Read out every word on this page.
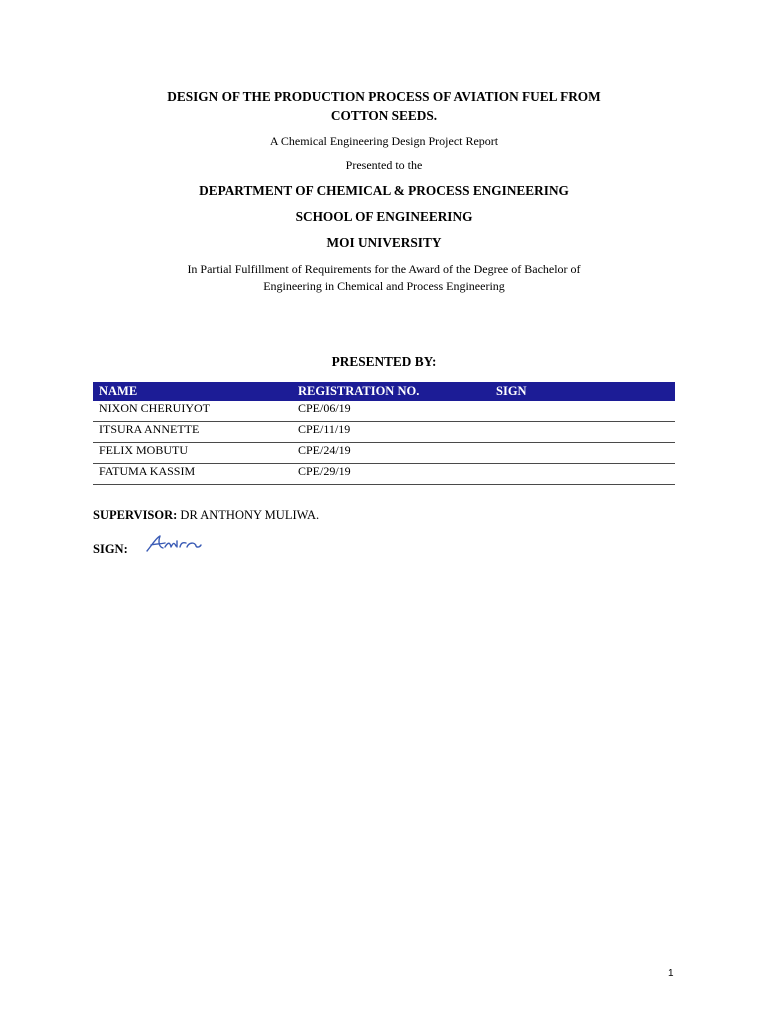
DESIGN OF THE PRODUCTION PROCESS OF AVIATION FUEL FROM
COTTON SEEDS.
A Chemical Engineering Design Project Report
Presented to the
DEPARTMENT OF CHEMICAL & PROCESS ENGINEERING
SCHOOL OF ENGINEERING
MOI UNIVERSITY
In Partial Fulfillment of Requirements for the Award of the Degree of Bachelor of
Engineering in Chemical and Process Engineering
PRESENTED BY:
NAME	REGISTRATION NO.	SIGN
NIXON CHERUIYOT	CPE/06/19	
ITSURA ANNETTE	CPE/11/19	
FELIX MOBUTU	CPE/24/19	
FATUMA KASSIM	CPE/29/19	
SUPERVISOR: DR ANTHONY MULIWA.
SIGN:
1
